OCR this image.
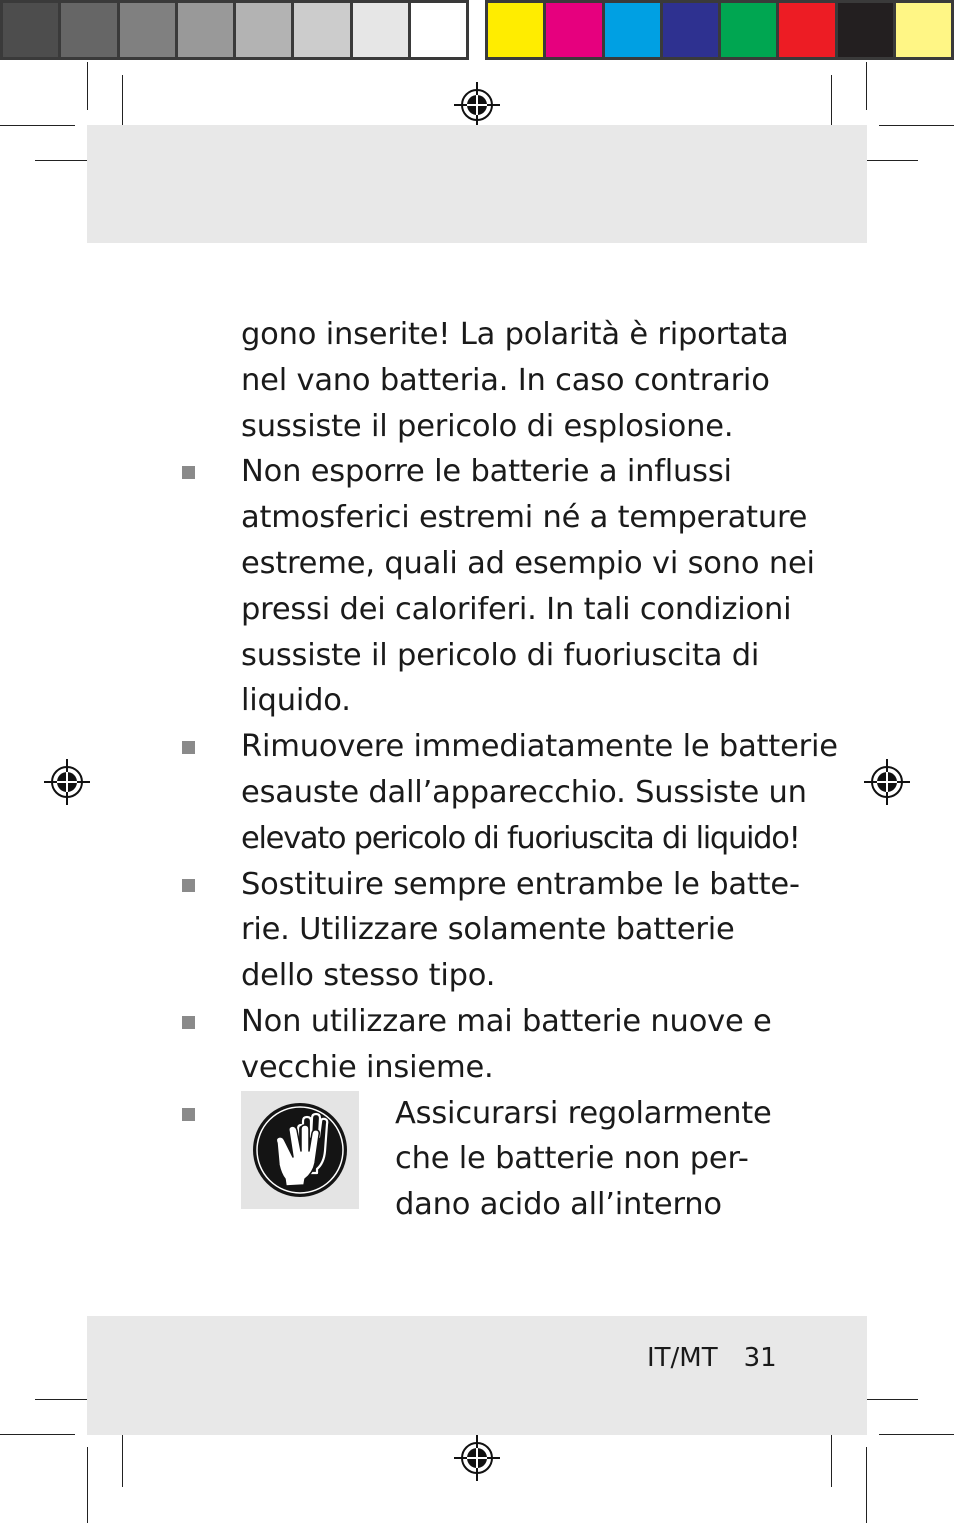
gono inserite! La polarità è riportata
nel vano batteria. In caso contrario
sussiste il pericolo di esplosione.

Non esporre le batterie a influssi
atmosferici estremi né a temperature
estreme, quali ad esempio vi sono nei
pressi dei caloriferi. In tali condizioni
sussiste il pericolo di fuoriuscita di
liquido.

Rimuovere immediatamente le batterie
esauste dall’apparecchio. Sussiste un
elevato pericolo di fuoriuscita di liquido!

Sostituire sempre entrambe le batte-
rie. Utilizzare solamente batterie
dello stesso tipo.

Non utilizzare mai batterie nuove e
vecchie insieme.

Assicurarsi regolarmente
che le batterie non per-
dano acido all’interno
IT/MT 31
